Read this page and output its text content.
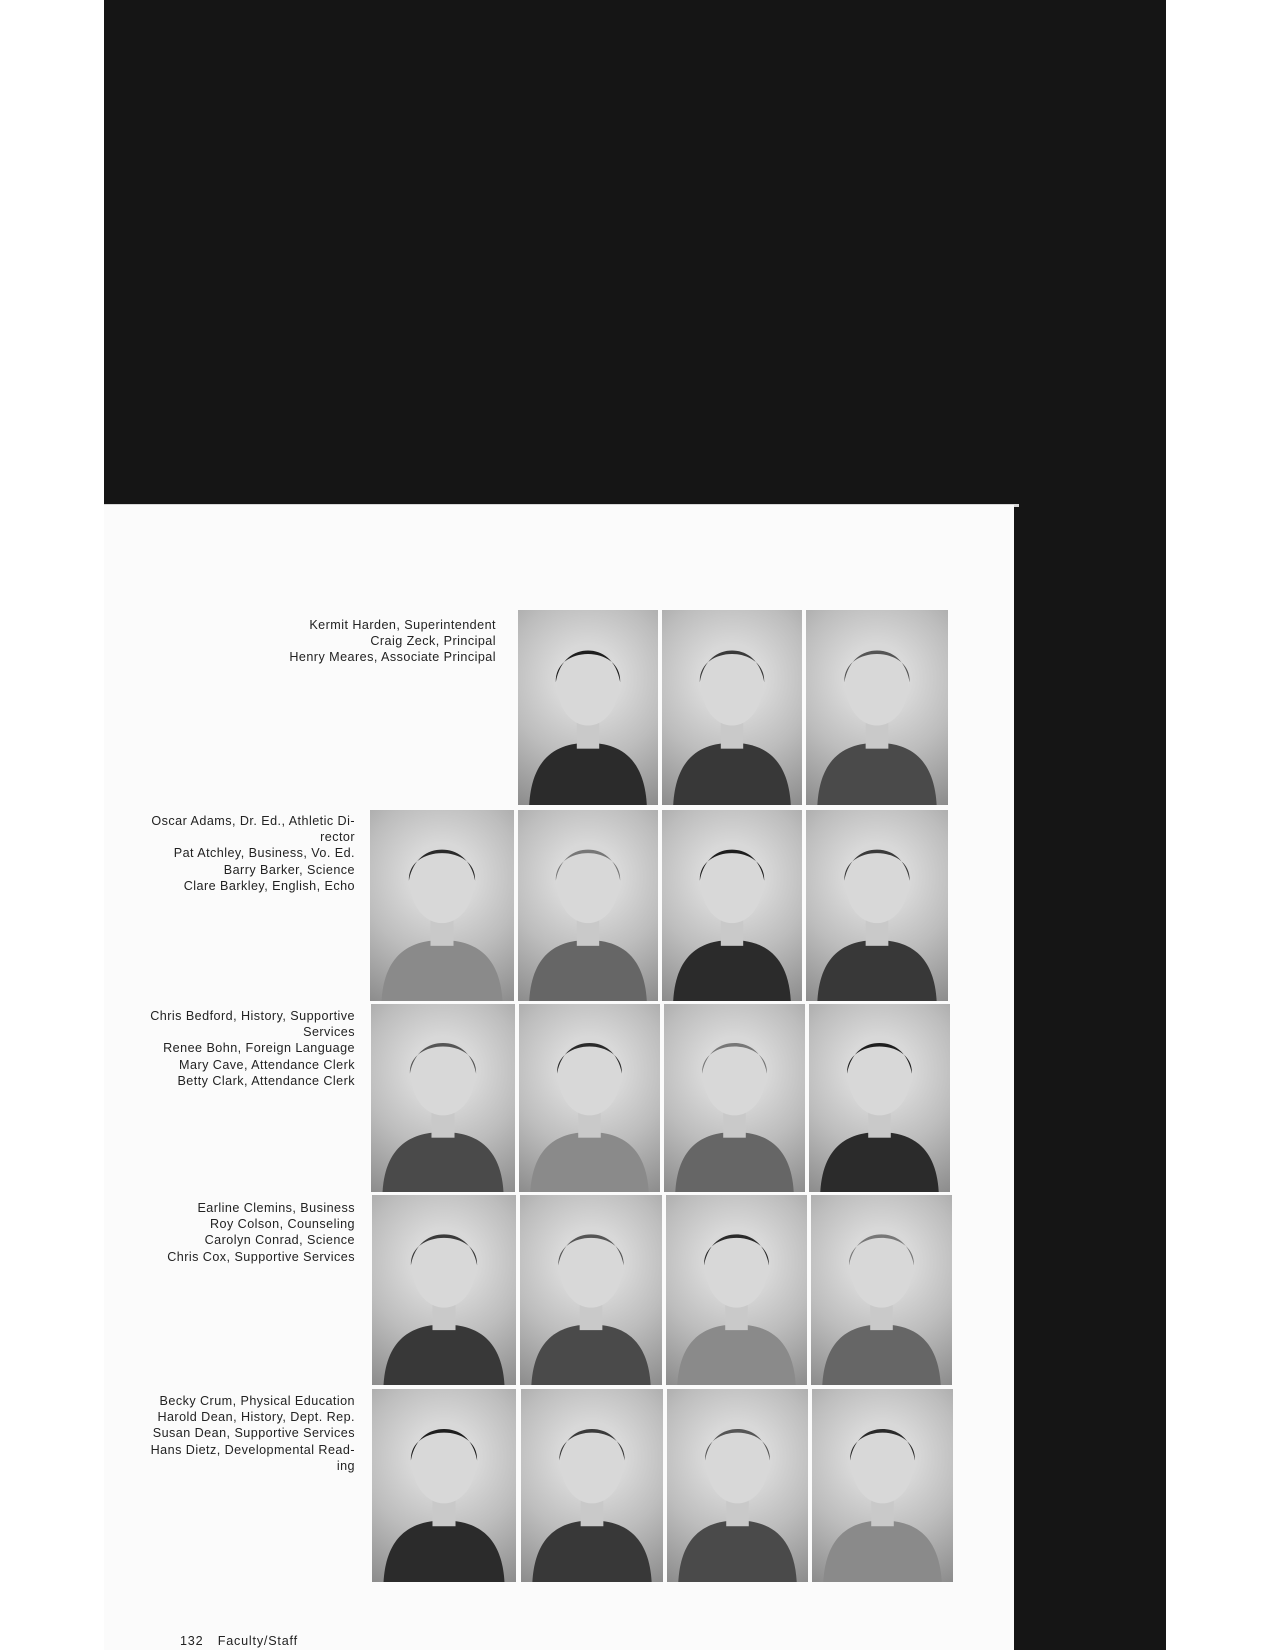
Kermit Harden, Superintendent

Craig Zeck, Principal

Henry Meares, Associate Principal

Oscar Adams, Dr. Ed., Athletic Di-

rector

Pat Atchley, Business, Vo. Ed.

Barry Barker, Science

Clare Barkley, English, Echo

Chris Bedford, History, Supportive

Services

Renee Bohn, Foreign Language

Mary Cave, Attendance Clerk

Betty Clark, Attendance Clerk

Earline Clemins, Business

Roy Colson, Counseling

Carolyn Conrad, Science

Chris Cox, Supportive Services

Becky Crum, Physical Education

Harold Dean, History, Dept. Rep.

Susan Dean, Supportive Services

Hans Dietz, Developmental Read-

ing

132 Faculty/Staff
